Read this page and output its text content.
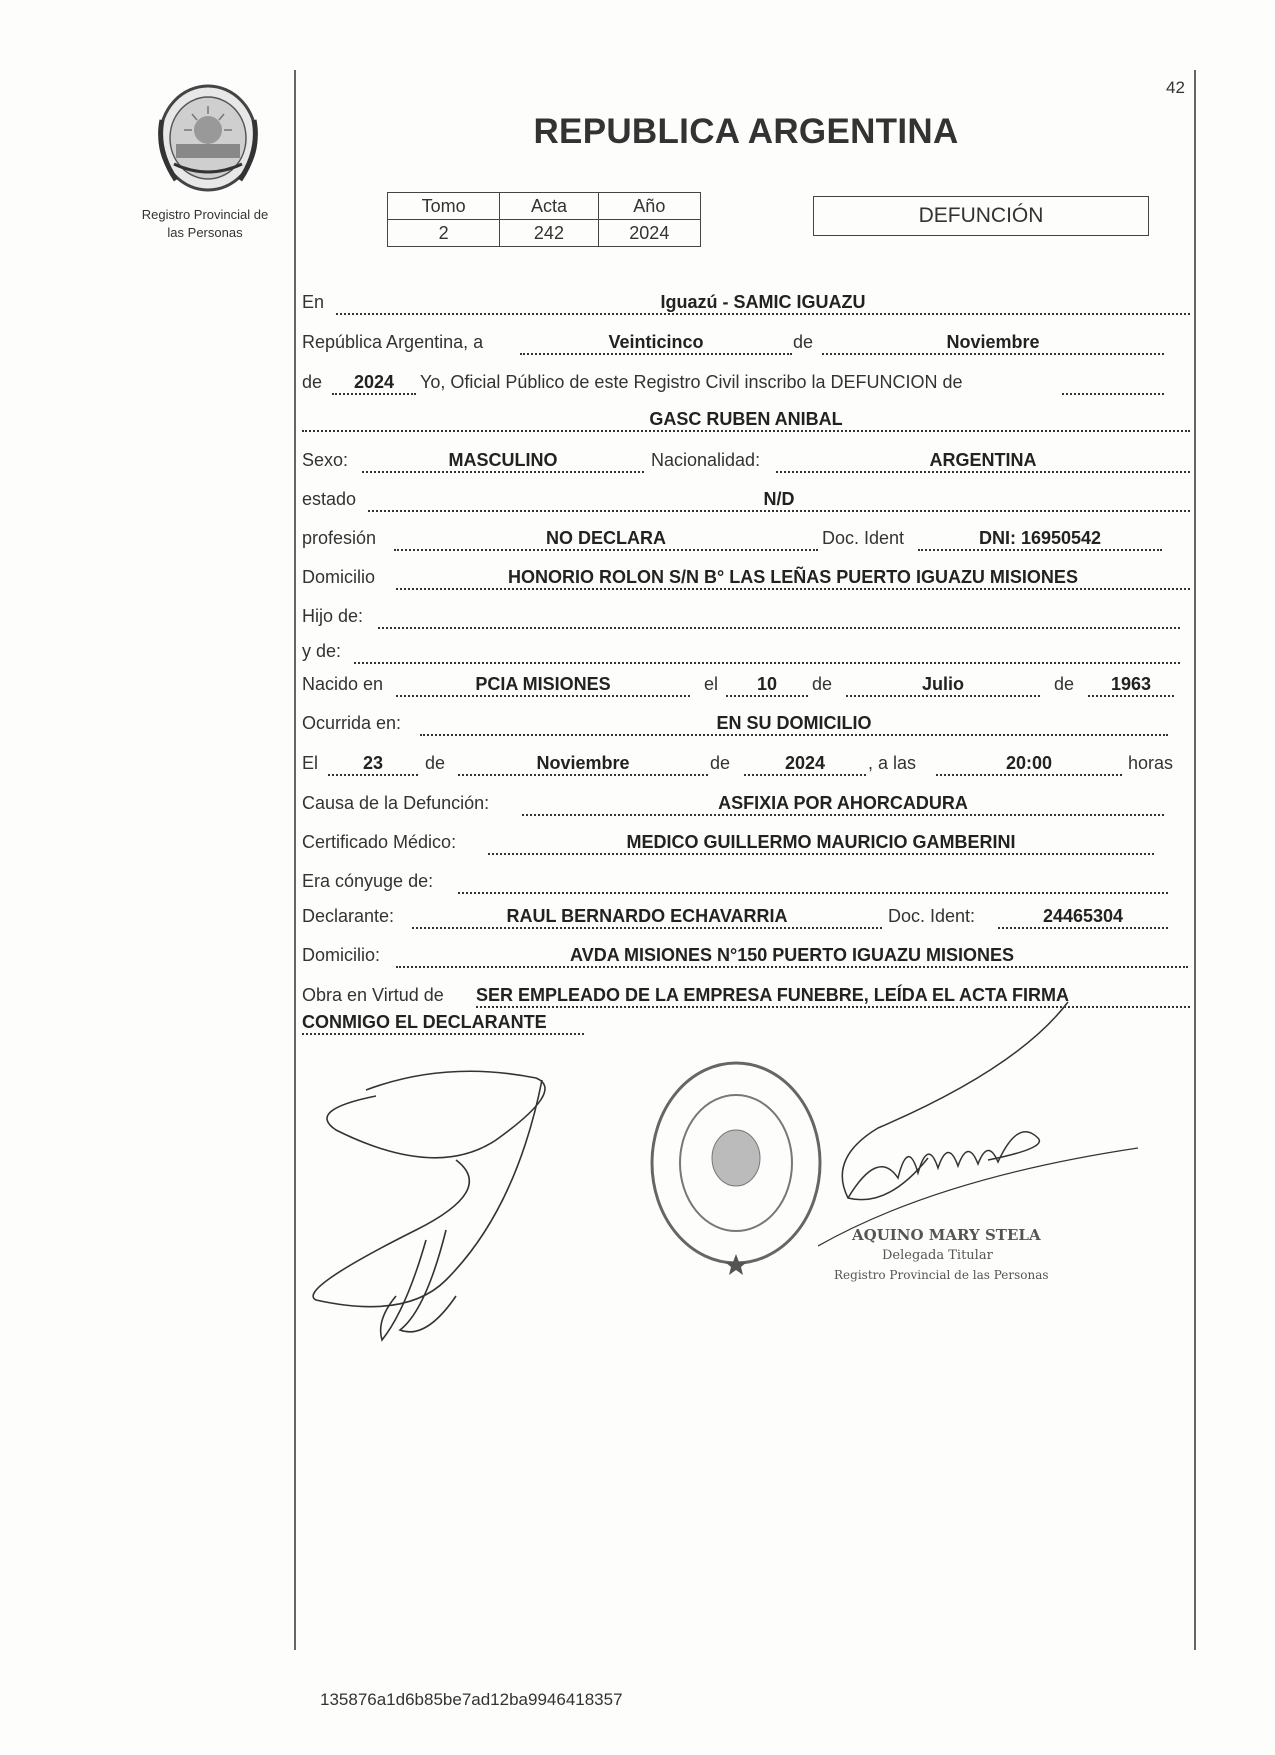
Registro Provincial de
las Personas
42
REPUBLICA ARGENTINA
Tomo	Acta	Año
2	242	2024
DEFUNCIÓN
En	Iguazú - SAMIC IGUAZU
República Argentina, a	Veinticinco	de	Noviembre
de	2024	Yo, Oficial Público de este Registro Civil inscribo la DEFUNCION de
GASC RUBEN ANIBAL
Sexo:	MASCULINO	Nacionalidad:	ARGENTINA
estado	N/D
profesión	NO DECLARA	Doc. Ident	DNI: 16950542
Domicilio	HONORIO ROLON S/N B° LAS LEÑAS PUERTO IGUAZU MISIONES
Hijo de:
y de:
Nacido en	PCIA MISIONES	el	10	de	Julio	de	1963
Ocurrida en:	EN SU DOMICILIO
El	23	de	Noviembre	de	2024	, a las	20:00	horas
Causa de la Defunción:	ASFIXIA POR AHORCADURA
Certificado Médico:	MEDICO GUILLERMO MAURICIO GAMBERINI
Era cónyuge de:
Declarante:	RAUL BERNARDO ECHAVARRIA	Doc. Ident:	24465304
Domicilio:	AVDA MISIONES N°150 PUERTO IGUAZU MISIONES
Obra en Virtud de SER EMPLEADO DE LA EMPRESA FUNEBRE, LEÍDA EL ACTA FIRMA
CONMIGO EL DECLARANTE
AQUINO MARY STELA
Delegada Titular
Registro Provincial de las Personas
135876a1d6b85be7ad12ba9946418357
